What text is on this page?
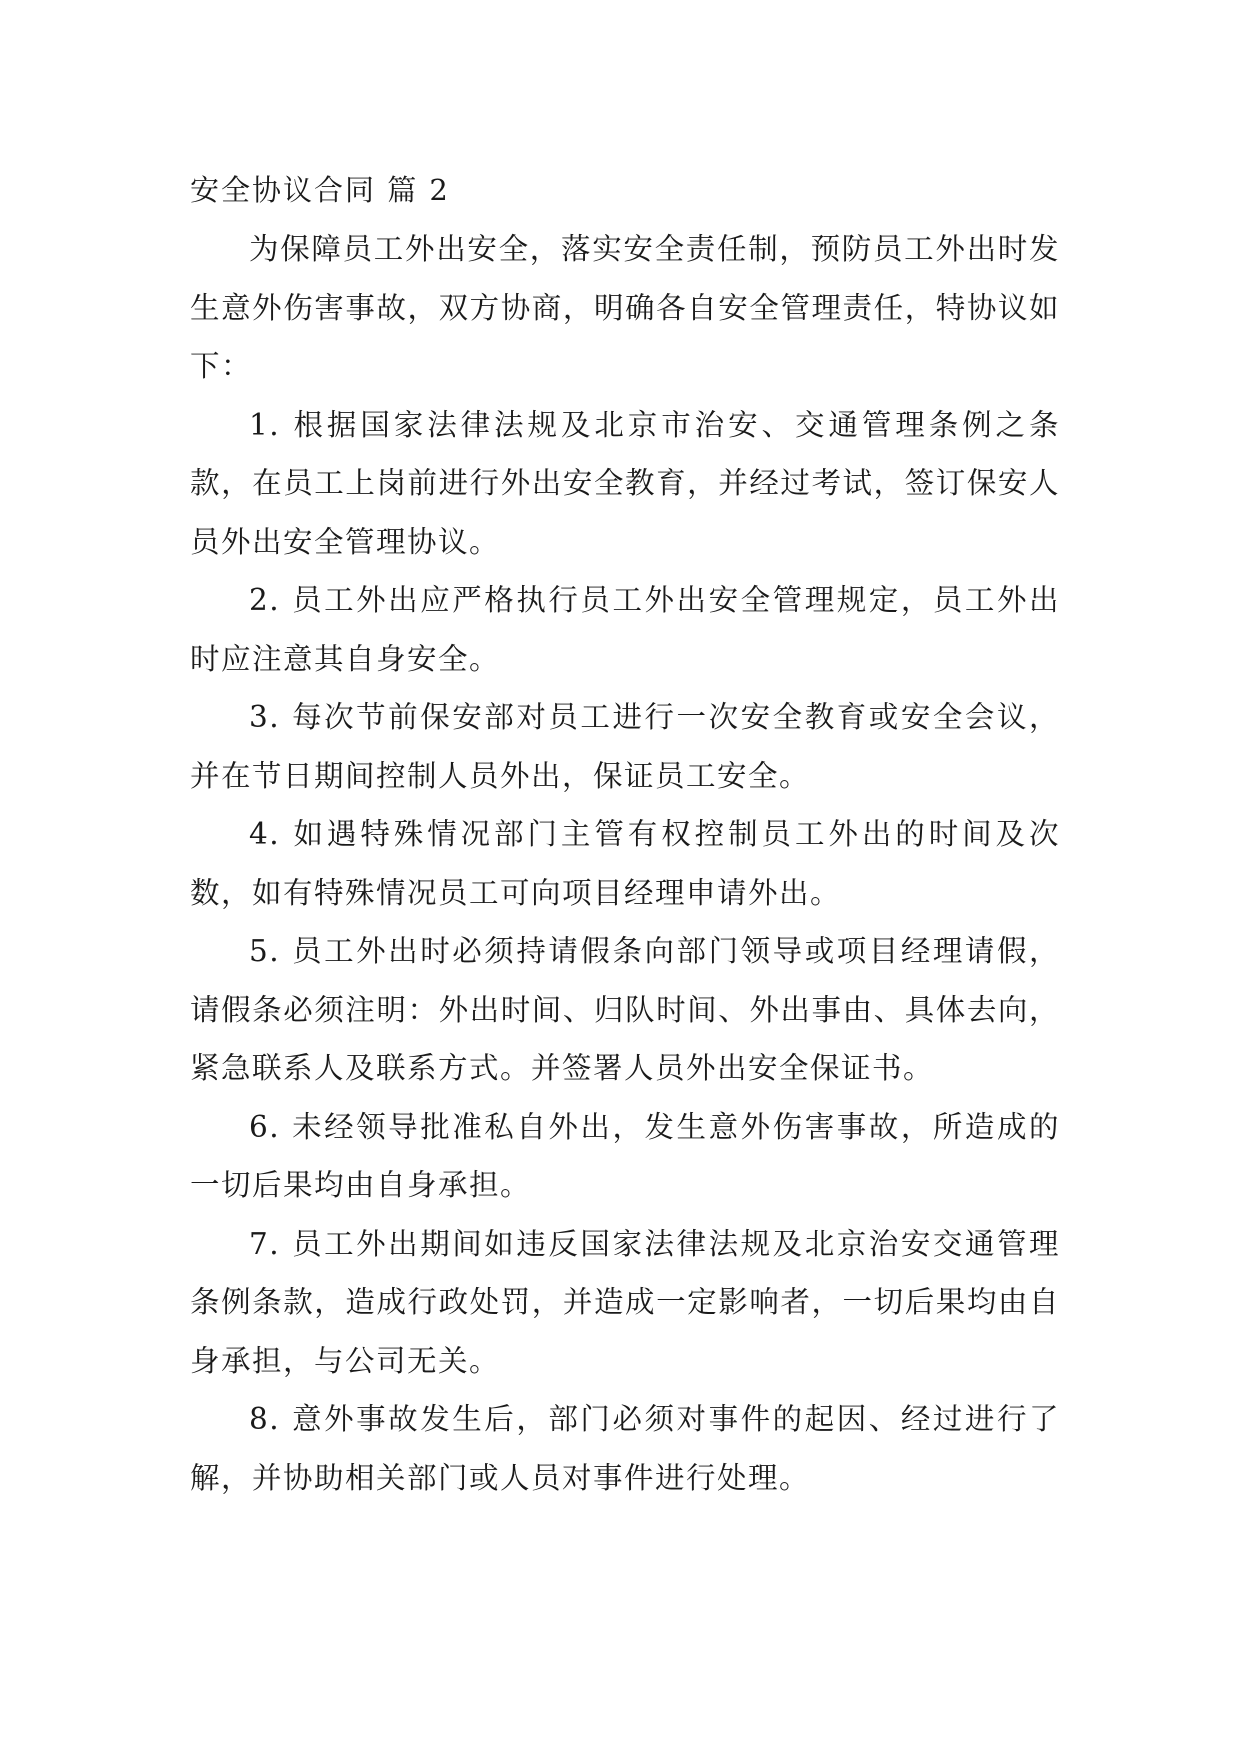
安全协议合同 篇 2

为保障员工外出安全，落实安全责任制，预防员工外出时发生意外伤害事故，双方协商，明确各自安全管理责任，特协议如下：

1. 根据国家法律法规及北京市治安、交通管理条例之条款，在员工上岗前进行外出安全教育，并经过考试，签订保安人员外出安全管理协议。

2. 员工外出应严格执行员工外出安全管理规定，员工外出时应注意其自身安全。

3. 每次节前保安部对员工进行一次安全教育或安全会议，并在节日期间控制人员外出，保证员工安全。

4. 如遇特殊情况部门主管有权控制员工外出的时间及次数，如有特殊情况员工可向项目经理申请外出。

5. 员工外出时必须持请假条向部门领导或项目经理请假，请假条必须注明：外出时间、归队时间、外出事由、具体去向，紧急联系人及联系方式。并签署人员外出安全保证书。

6. 未经领导批准私自外出，发生意外伤害事故，所造成的一切后果均由自身承担。

7. 员工外出期间如违反国家法律法规及北京治安交通管理条例条款，造成行政处罚，并造成一定影响者，一切后果均由自身承担，与公司无关。

8. 意外事故发生后，部门必须对事件的起因、经过进行了解，并协助相关部门或人员对事件进行处理。
